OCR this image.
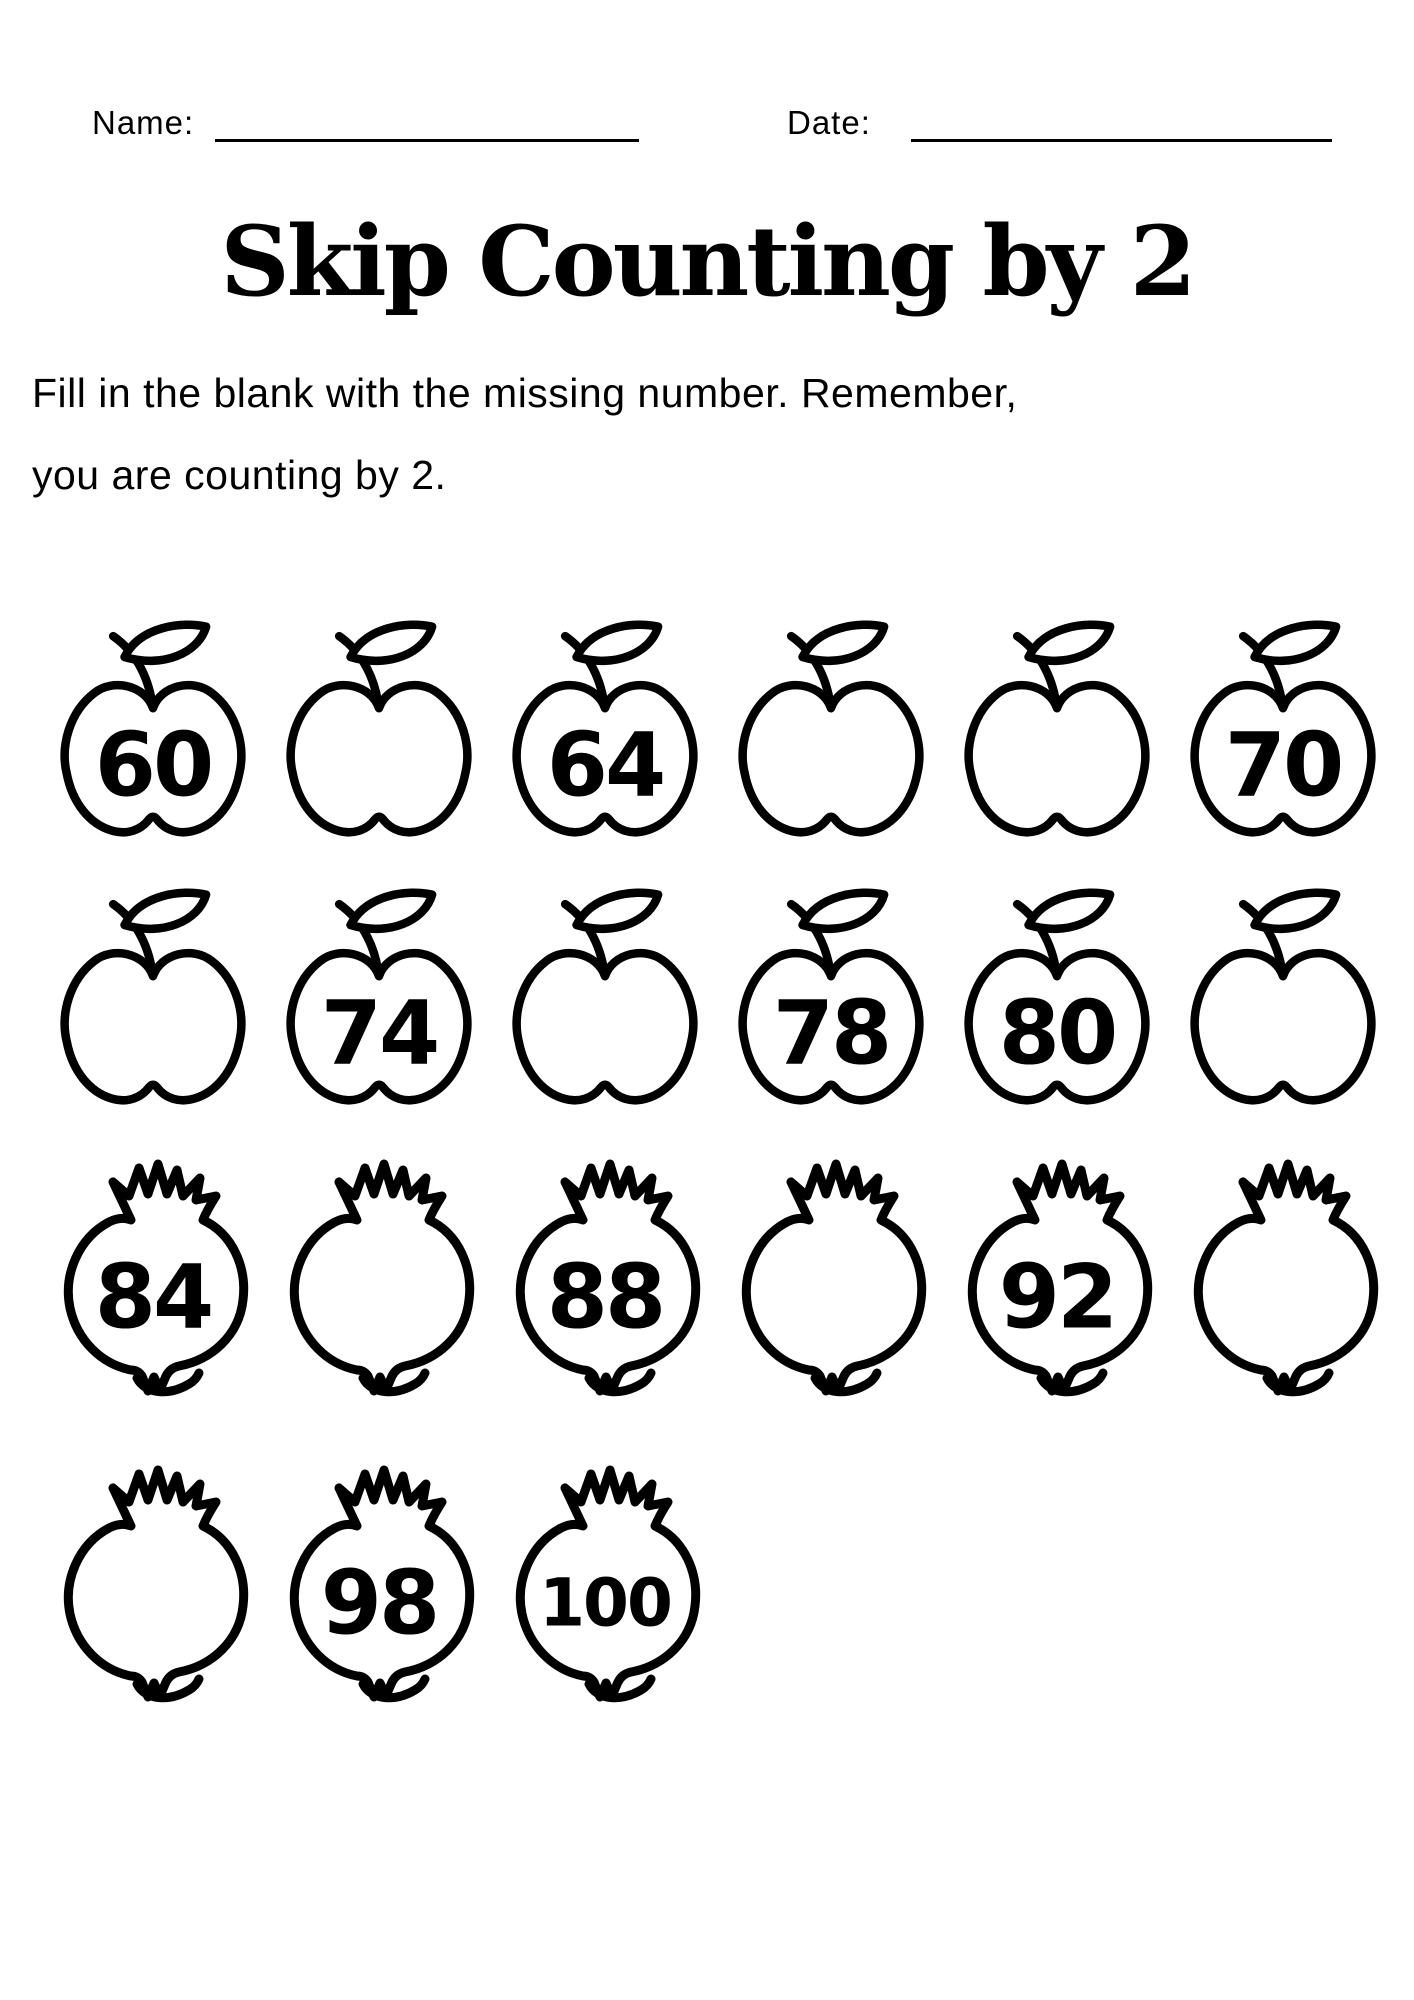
Name:	Date:
Skip Counting by 2
Fill in the blank with the missing number. Remember,
you are counting by 2.
60	64	70
74	78	80
84	88	92
98	100
